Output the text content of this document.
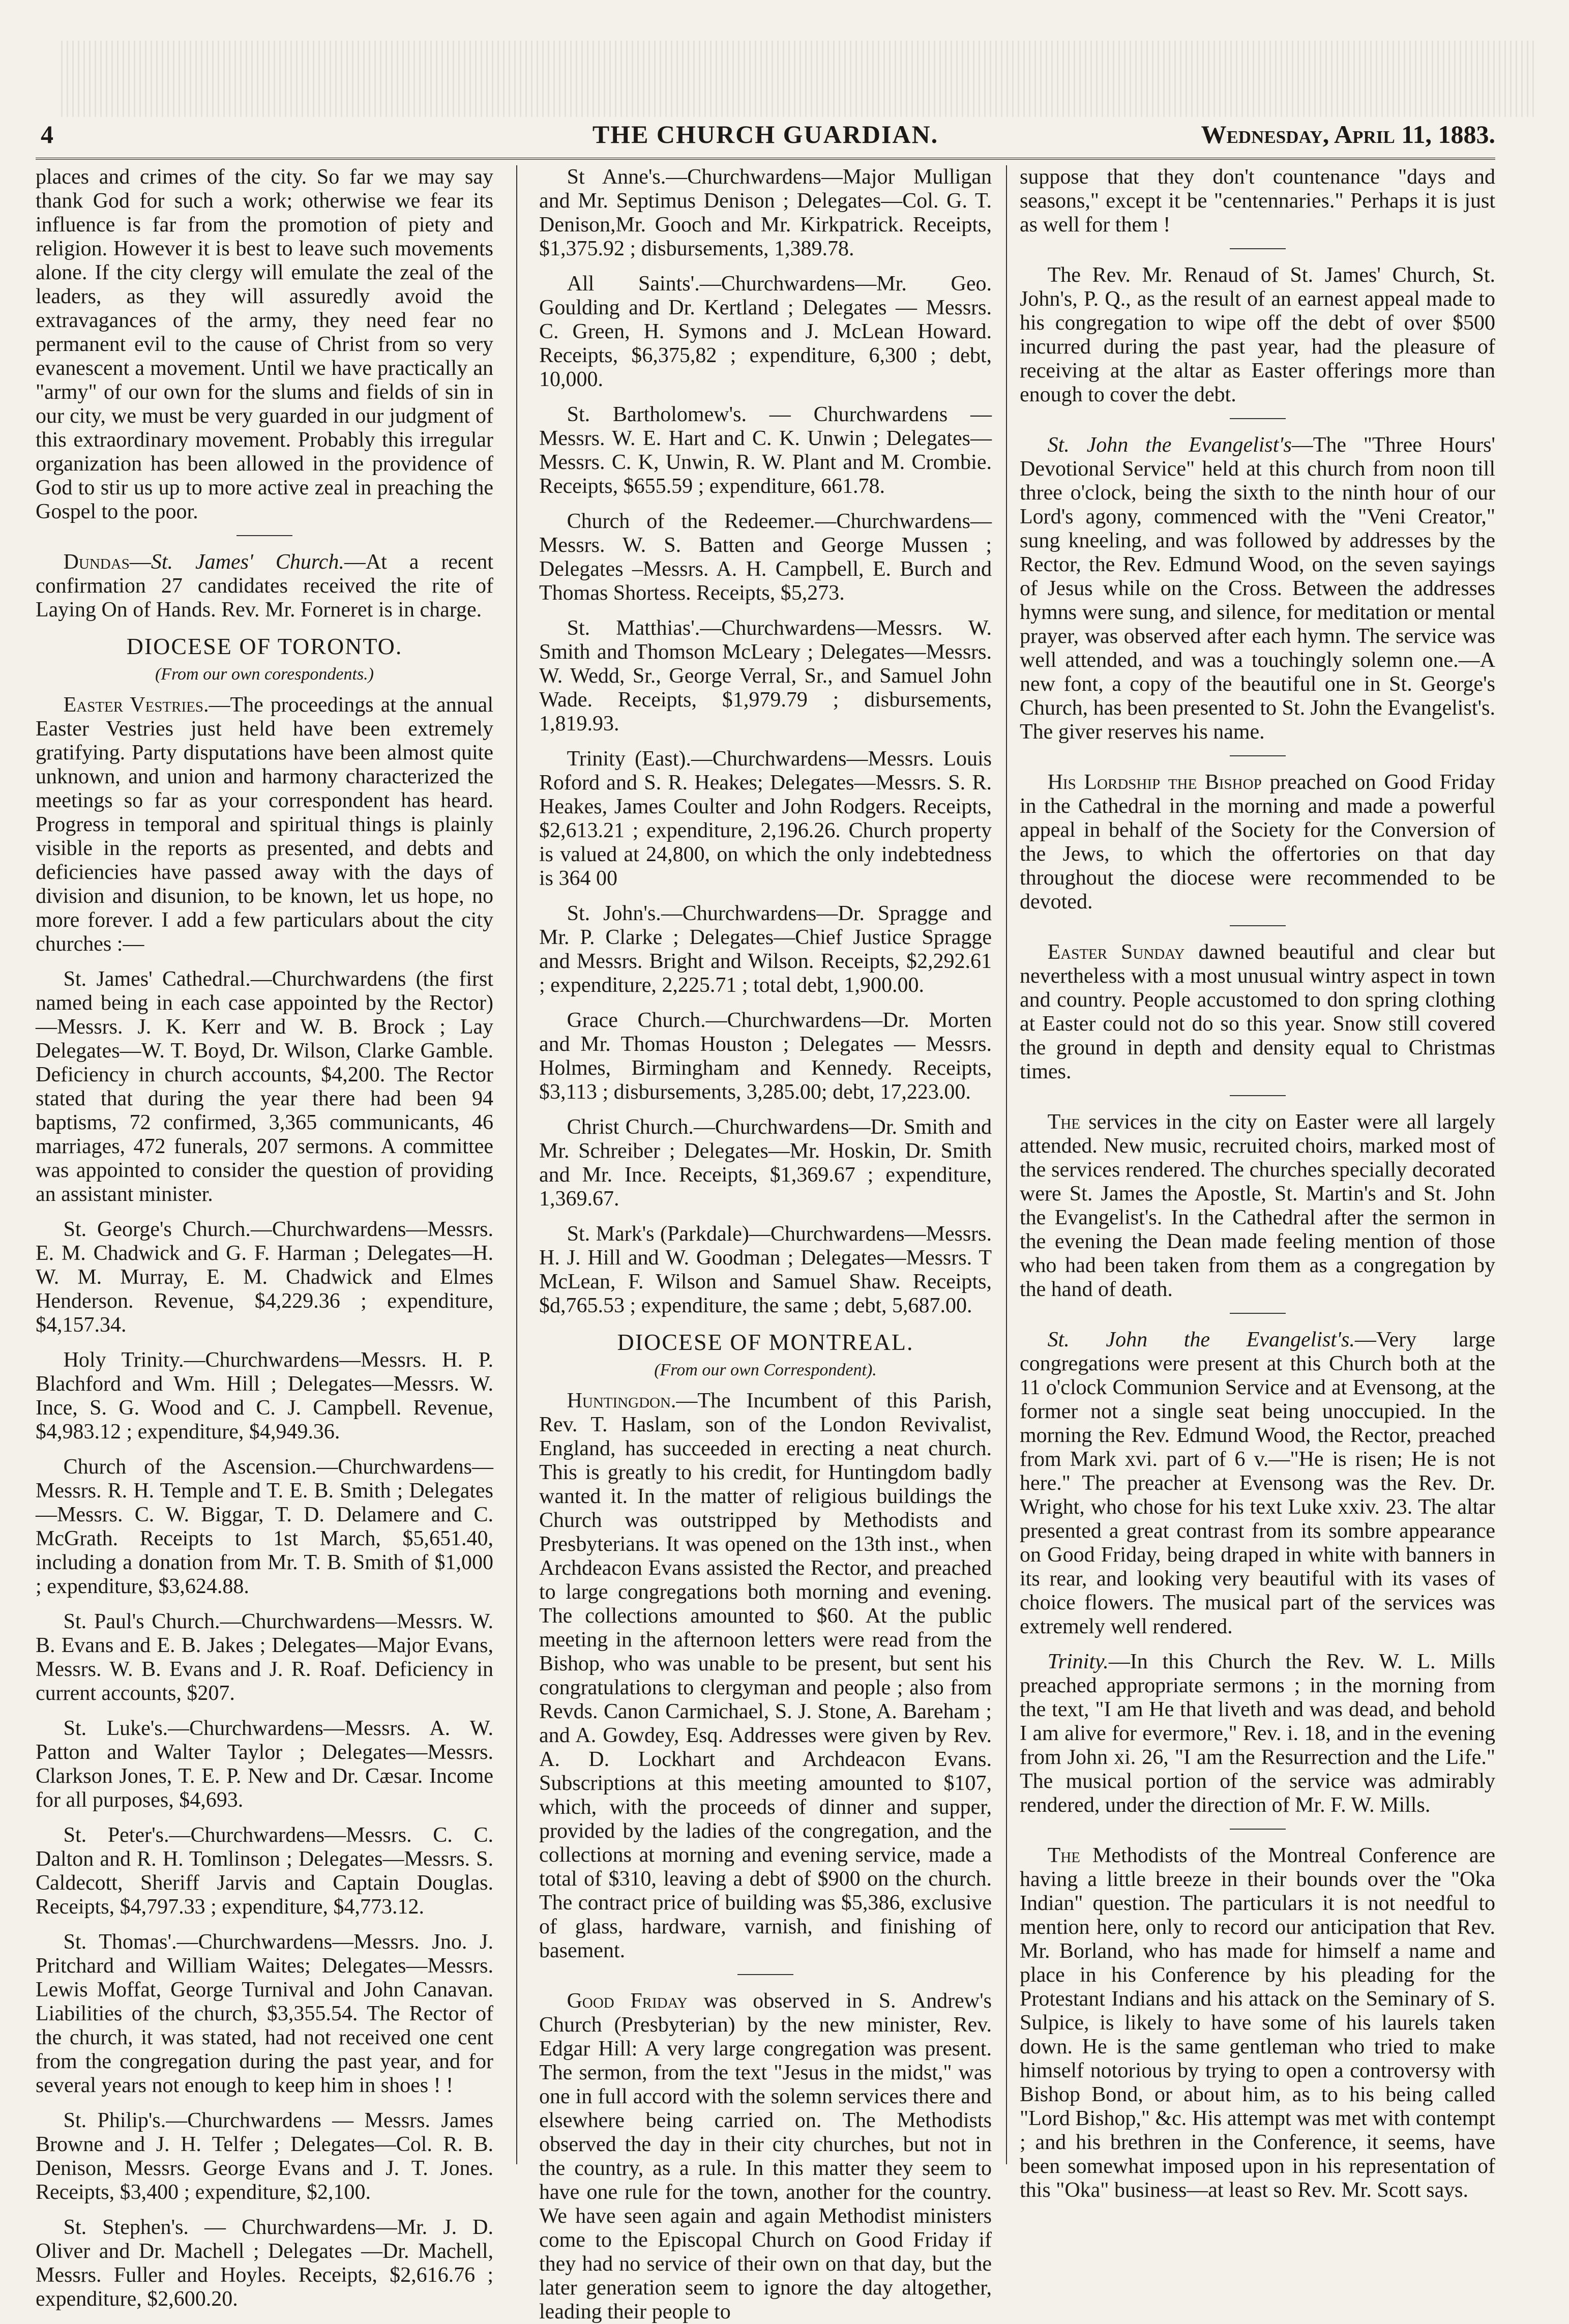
4	THE CHURCH GUARDIAN.	Wednesday, April 11, 1883.

places and crimes of the city. So far we may say thank God for such a work; otherwise we fear its influence is far from the promotion of piety and religion. However it is best to leave such movements alone. If the city clergy will emulate the zeal of the leaders, as they will assuredly avoid the extravagances of the army, they need fear no permanent evil to the cause of Christ from so very evanescent a movement. Until we have practically an "army" of our own for the slums and fields of sin in our city, we must be very guarded in our judgment of this extraordinary movement. Probably this irregular organization has been allowed in the providence of God to stir us up to more active zeal in preaching the Gospel to the poor.

Dundas—St. James' Church.—At a recent confirmation 27 candidates received the rite of Laying On of Hands. Rev. Mr. Forneret is in charge.

DIOCESE OF TORONTO.
(From our own corespondents.)

Easter Vestries.—The proceedings at the annual Easter Vestries just held have been extremely gratifying. Party disputations have been almost quite unknown, and union and harmony characterized the meetings so far as your correspondent has heard. Progress in temporal and spiritual things is plainly visible in the reports as presented, and debts and deficiencies have passed away with the days of division and disunion, to be known, let us hope, no more forever. I add a few particulars about the city churches :—

St. James' Cathedral.—Churchwardens (the first named being in each case appointed by the Rector) —Messrs. J. K. Kerr and W. B. Brock ; Lay Delegates—W. T. Boyd, Dr. Wilson, Clarke Gamble. Deficiency in church accounts, $4,200. The Rector stated that during the year there had been 94 baptisms, 72 confirmed, 3,365 communicants, 46 marriages, 472 funerals, 207 sermons. A committee was appointed to consider the question of providing an assistant minister.

St. George's Church.—Churchwardens—Messrs. E. M. Chadwick and G. F. Harman ; Delegates—H. W. M. Murray, E. M. Chadwick and Elmes Henderson. Revenue, $4,229.36 ; expenditure, $4,157.34.

Holy Trinity.—Churchwardens—Messrs. H. P. Blachford and Wm. Hill ; Delegates—Messrs. W. Ince, S. G. Wood and C. J. Campbell. Revenue, $4,983.12 ; expenditure, $4,949.36.

Church of the Ascension.—Churchwardens—Messrs. R. H. Temple and T. E. B. Smith ; Delegates—Messrs. C. W. Biggar, T. D. Delamere and C. McGrath. Receipts to 1st March, $5,651.40, including a donation from Mr. T. B. Smith of $1,000 ; expenditure, $3,624.88.

St. Paul's Church.—Churchwardens—Messrs. W. B. Evans and E. B. Jakes ; Delegates—Major Evans, Messrs. W. B. Evans and J. R. Roaf. Deficiency in current accounts, $207.

St. Luke's.—Churchwardens—Messrs. A. W. Patton and Walter Taylor ; Delegates—Messrs. Clarkson Jones, T. E. P. New and Dr. Cæsar. Income for all purposes, $4,693.

St. Peter's.—Churchwardens—Messrs. C. C. Dalton and R. H. Tomlinson ; Delegates—Messrs. S. Caldecott, Sheriff Jarvis and Captain Douglas. Receipts, $4,797.33 ; expenditure, $4,773.12.

St. Thomas'.—Churchwardens—Messrs. Jno. J. Pritchard and William Waites; Delegates—Messrs. Lewis Moffat, George Turnival and John Canavan. Liabilities of the church, $3,355.54. The Rector of the church, it was stated, had not received one cent from the congregation during the past year, and for several years not enough to keep him in shoes ! !

St. Philip's.—Churchwardens — Messrs. James Browne and J. H. Telfer ; Delegates—Col. R. B. Denison, Messrs. George Evans and J. T. Jones. Receipts, $3,400 ; expenditure, $2,100.

St. Stephen's. — Churchwardens—Mr. J. D. Oliver and Dr. Machell ; Delegates —Dr. Machell, Messrs. Fuller and Hoyles. Receipts, $2,616.76 ; expenditure, $2,600.20.

St Anne's.—Churchwardens—Major Mulligan and Mr. Septimus Denison ; Delegates—Col. G. T. Denison,Mr. Gooch and Mr. Kirkpatrick. Receipts, $1,375.92 ; disbursements, 1,389.78.

All Saints'.—Churchwardens—Mr. Geo. Goulding and Dr. Kertland ; Delegates — Messrs. C. Green, H. Symons and J. McLean Howard. Receipts, $6,375,82 ; expenditure, 6,300 ; debt, 10,000.

St. Bartholomew's. — Churchwardens — Messrs. W. E. Hart and C. K. Unwin ; Delegates—Messrs. C. K, Unwin, R. W. Plant and M. Crombie. Receipts, $655.59 ; expenditure, 661.78.

Church of the Redeemer.—Churchwardens—Messrs. W. S. Batten and George Mussen ; Delegates –Messrs. A. H. Campbell, E. Burch and Thomas Shortess. Receipts, $5,273.

St. Matthias'.—Churchwardens—Messrs. W. Smith and Thomson McLeary ; Delegates—Messrs. W. Wedd, Sr., George Verral, Sr., and Samuel John Wade. Receipts, $1,979.79 ; disbursements, 1,819.93.

Trinity (East).—Churchwardens—Messrs. Louis Roford and S. R. Heakes; Delegates—Messrs. S. R. Heakes, James Coulter and John Rodgers. Receipts, $2,613.21 ; expenditure, 2,196.26. Church property is valued at 24,800, on which the only indebtedness is 364 00

St. John's.—Churchwardens—Dr. Spragge and Mr. P. Clarke ; Delegates—Chief Justice Spragge and Messrs. Bright and Wilson. Receipts, $2,292.61 ; expenditure, 2,225.71 ; total debt, 1,900.00.

Grace Church.—Churchwardens—Dr. Morten and Mr. Thomas Houston ; Delegates — Messrs. Holmes, Birmingham and Kennedy. Receipts, $3,113 ; disbursements, 3,285.00; debt, 17,223.00.

Christ Church.—Churchwardens—Dr. Smith and Mr. Schreiber ; Delegates—Mr. Hoskin, Dr. Smith and Mr. Ince. Receipts, $1,369.67 ; expenditure, 1,369.67.

St. Mark's (Parkdale)—Churchwardens—Messrs. H. J. Hill and W. Goodman ; Delegates—Messrs. T McLean, F. Wilson and Samuel Shaw. Receipts, $d,765.53 ; expenditure, the same ; debt, 5,687.00.

DIOCESE OF MONTREAL.
(From our own Correspondent).

Huntingdon.—The Incumbent of this Parish, Rev. T. Haslam, son of the London Revivalist, England, has succeeded in erecting a neat church. This is greatly to his credit, for Huntingdom badly wanted it. In the matter of religious buildings the Church was outstripped by Methodists and Presbyterians. It was opened on the 13th inst., when Archdeacon Evans assisted the Rector, and preached to large congregations both morning and evening. The collections amounted to $60. At the public meeting in the afternoon letters were read from the Bishop, who was unable to be present, but sent his congratulations to clergyman and people ; also from Revds. Canon Carmichael, S. J. Stone, A. Bareham ; and A. Gowdey, Esq. Addresses were given by Rev. A. D. Lockhart and Archdeacon Evans. Subscriptions at this meeting amounted to $107, which, with the proceeds of dinner and supper, provided by the ladies of the congregation, and the collections at morning and evening service, made a total of $310, leaving a debt of $900 on the church. The contract price of building was $5,386, exclusive of glass, hardware, varnish, and finishing of basement.

Good Friday was observed in S. Andrew's Church (Presbyterian) by the new minister, Rev. Edgar Hill: A very large congregation was present. The sermon, from the text "Jesus in the midst," was one in full accord with the solemn services there and elsewhere being carried on. The Methodists observed the day in their city churches, but not in the country, as a rule. In this matter they seem to have one rule for the town, another for the country. We have seen again and again Methodist ministers come to the Episcopal Church on Good Friday if they had no service of their own on that day, but the later generation seem to ignore the day altogether, leading their people to

suppose that they don't countenance "days and seasons," except it be "centennaries." Perhaps it is just as well for them !

The Rev. Mr. Renaud of St. James' Church, St. John's, P. Q., as the result of an earnest appeal made to his congregation to wipe off the debt of over $500 incurred during the past year, had the pleasure of receiving at the altar as Easter offerings more than enough to cover the debt.

St. John the Evangelist's—The "Three Hours' Devotional Service" held at this church from noon till three o'clock, being the sixth to the ninth hour of our Lord's agony, commenced with the "Veni Creator," sung kneeling, and was followed by addresses by the Rector, the Rev. Edmund Wood, on the seven sayings of Jesus while on the Cross. Between the addresses hymns were sung, and silence, for meditation or mental prayer, was observed after each hymn. The service was well attended, and was a touchingly solemn one.—A new font, a copy of the beautiful one in St. George's Church, has been presented to St. John the Evangelist's. The giver reserves his name.

His Lordship the Bishop preached on Good Friday in the Cathedral in the morning and made a powerful appeal in behalf of the Society for the Conversion of the Jews, to which the offertories on that day throughout the diocese were recommended to be devoted.

Easter Sunday dawned beautiful and clear but nevertheless with a most unusual wintry aspect in town and country. People accustomed to don spring clothing at Easter could not do so this year. Snow still covered the ground in depth and density equal to Christmas times.

The services in the city on Easter were all largely attended. New music, recruited choirs, marked most of the services rendered. The churches specially decorated were St. James the Apostle, St. Martin's and St. John the Evangelist's. In the Cathedral after the sermon in the evening the Dean made feeling mention of those who had been taken from them as a congregation by the hand of death.

St. John the Evangelist's.—Very large congregations were present at this Church both at the 11 o'clock Communion Service and at Evensong, at the former not a single seat being unoccupied. In the morning the Rev. Edmund Wood, the Rector, preached from Mark xvi. part of 6 v.—"He is risen; He is not here." The preacher at Evensong was the Rev. Dr. Wright, who chose for his text Luke xxiv. 23. The altar presented a great contrast from its sombre appearance on Good Friday, being draped in white with banners in its rear, and looking very beautiful with its vases of choice flowers. The musical part of the services was extremely well rendered.

Trinity.—In this Church the Rev. W. L. Mills preached appropriate sermons ; in the morning from the text, "I am He that liveth and was dead, and behold I am alive for evermore," Rev. i. 18, and in the evening from John xi. 26, "I am the Resurrection and the Life." The musical portion of the service was admirably rendered, under the direction of Mr. F. W. Mills.

The Methodists of the Montreal Conference are having a little breeze in their bounds over the "Oka Indian" question. The particulars it is not needful to mention here, only to record our anticipation that Rev. Mr. Borland, who has made for himself a name and place in his Conference by his pleading for the Protestant Indians and his attack on the Seminary of S. Sulpice, is likely to have some of his laurels taken down. He is the same gentleman who tried to make himself notorious by trying to open a controversy with Bishop Bond, or about him, as to his being called "Lord Bishop," &c. His attempt was met with contempt ; and his brethren in the Conference, it seems, have been somewhat imposed upon in his representation of this "Oka" business—at least so Rev. Mr. Scott says.
